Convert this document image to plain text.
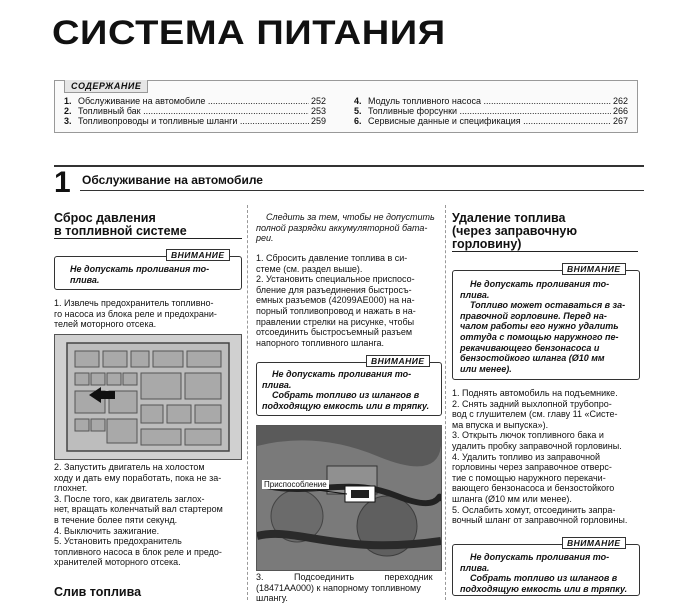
СИСТЕМА ПИТАНИЯ
СОДЕРЖАНИЕ
1. Обслуживание на автомобиле .....	252
2. Топливный бак .....	253
3. Топливопроводы и топливные шланги .....	259
4. Модуль топливного насоса .....	262
5. Топливные форсунки .....	266
6. Сервисные данные и спецификация .....	267
1 Обслуживание на автомобиле
Сброс давления
в топливной системе
ВНИМАНИЕ
Не допускать проливания то-
плива.
1. Извлечь предохранитель топливно-
го насоса из блока реле и предохрани-
телей моторного отсека.
2. Запустить двигатель на холостом
ходу и дать ему поработать, пока не за-
глохнет.
3. После того, как двигатель заглох-
нет, вращать коленчатый вал стартером
в течение более пяти секунд.
4. Выключить зажигание.
5. Установить предохранитель
топливного насоса в блок реле и предо-
хранителей моторного отсека.
Слив топлива
Следить за тем, чтобы не допустить
полной разрядки аккумуляторной бата-
реи.
1. Сбросить давление топлива в си-
стеме (см. раздел выше).
2. Установить специальное приспосо-
бление для разъединения быстросъ-
емных разъемов (42099AE000) на на-
порный топливопровод и нажать в на-
правлении стрелки на рисунке, чтобы
отсоединить быстросъемный разъем
напорного топливного шланга.
ВНИМАНИЕ
Не допускать проливания то-
плива.
Собрать топливо из шлангов в
подходящую емкость или в тряпку.
Приспособление
3. Подсоединить переходник
(18471AA000) к напорному топливному
шлангу.
Удаление топлива
(через заправочную
горловину)
ВНИМАНИЕ
Не допускать проливания то-
плива.
Топливо может оставаться в за-
правочной горловине. Перед на-
чалом работы его нужно удалить
оттуда с помощью наружного пе-
рекачивающего бензонасоса и
бензостойкого шланга (Ø10 мм
или менее).
1. Поднять автомобиль на подъемнике.
2. Снять задний выхлопной трубопро-
вод с глушителем (см. главу 11 «Систе-
ма впуска и выпуска»).
3. Открыть лючок топливного бака и
удалить пробку заправочной горловины.
4. Удалить топливо из заправочной
горловины через заправочное отверс-
тие с помощью наружного перекачи-
вающего бензонасоса и бензостойкого
шланга (Ø10 мм или менее).
5. Ослабить хомут, отсоединить запра-
вочный шланг от заправочной горловины.
ВНИМАНИЕ
Не допускать проливания то-
плива.
Собрать топливо из шлангов в
подходящую емкость или в тряпку.
